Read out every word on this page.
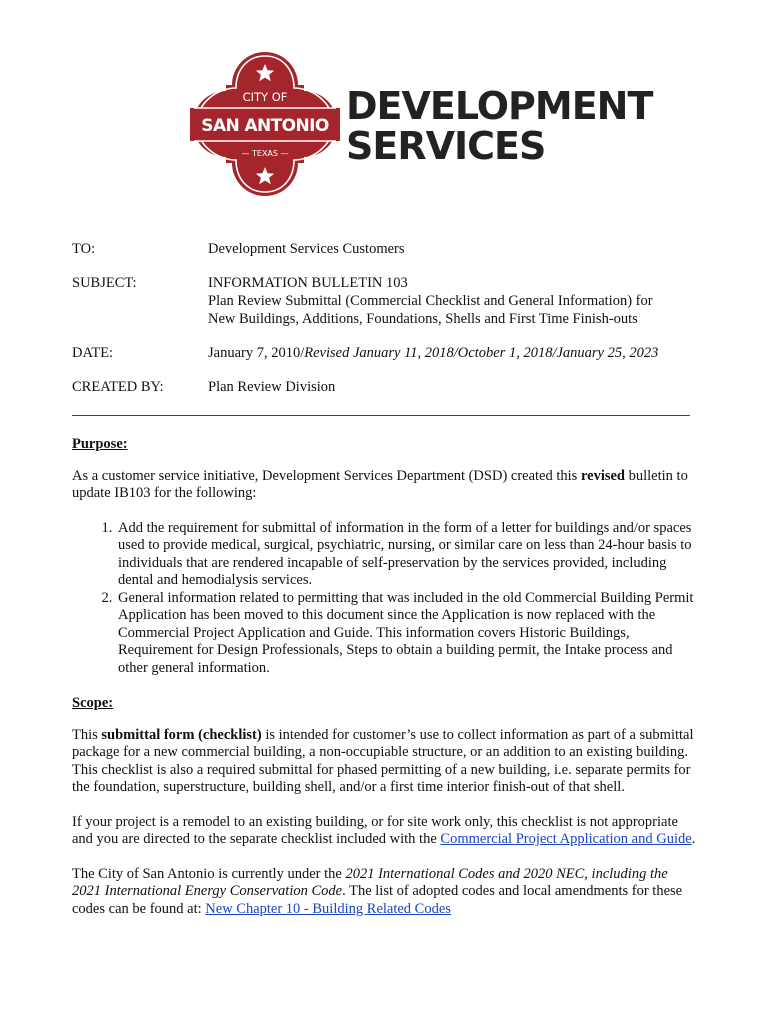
CITY OF
SAN ANTONIO
— TEXAS —
DEVELOPMENT
SERVICES
TO:	Development Services Customers
SUBJECT:	INFORMATION BULLETIN 103
Plan Review Submittal (Commercial Checklist and General Information) for
New Buildings, Additions, Foundations, Shells and First Time Finish-outs
DATE:	January 7, 2010/Revised January 11, 2018/October 1, 2018/January 25, 2023
CREATED BY:	Plan Review Division
Purpose:

As a customer service initiative, Development Services Department (DSD) created this revised bulletin to update IB103 for the following:

1. Add the requirement for submittal of information in the form of a letter for buildings and/or spaces used to provide medical, surgical, psychiatric, nursing, or similar care on less than 24-hour basis to individuals that are rendered incapable of self-preservation by the services provided, including dental and hemodialysis services.
2. General information related to permitting that was included in the old Commercial Building Permit Application has been moved to this document since the Application is now replaced with the Commercial Project Application and Guide. This information covers Historic Buildings, Requirement for Design Professionals, Steps to obtain a building permit, the Intake process and other general information.
Scope:

This submittal form (checklist) is intended for customer’s use to collect information as part of a submittal package for a new commercial building, a non-occupiable structure, or an addition to an existing building. This checklist is also a required submittal for phased permitting of a new building, i.e. separate permits for the foundation, superstructure, building shell, and/or a first time interior finish-out of that shell.

If your project is a remodel to an existing building, or for site work only, this checklist is not appropriate and you are directed to the separate checklist included with the Commercial Project Application and Guide.

The City of San Antonio is currently under the 2021 International Codes and 2020 NEC, including the 2021 International Energy Conservation Code. The list of adopted codes and local amendments for these codes can be found at: New Chapter 10 - Building Related Codes
